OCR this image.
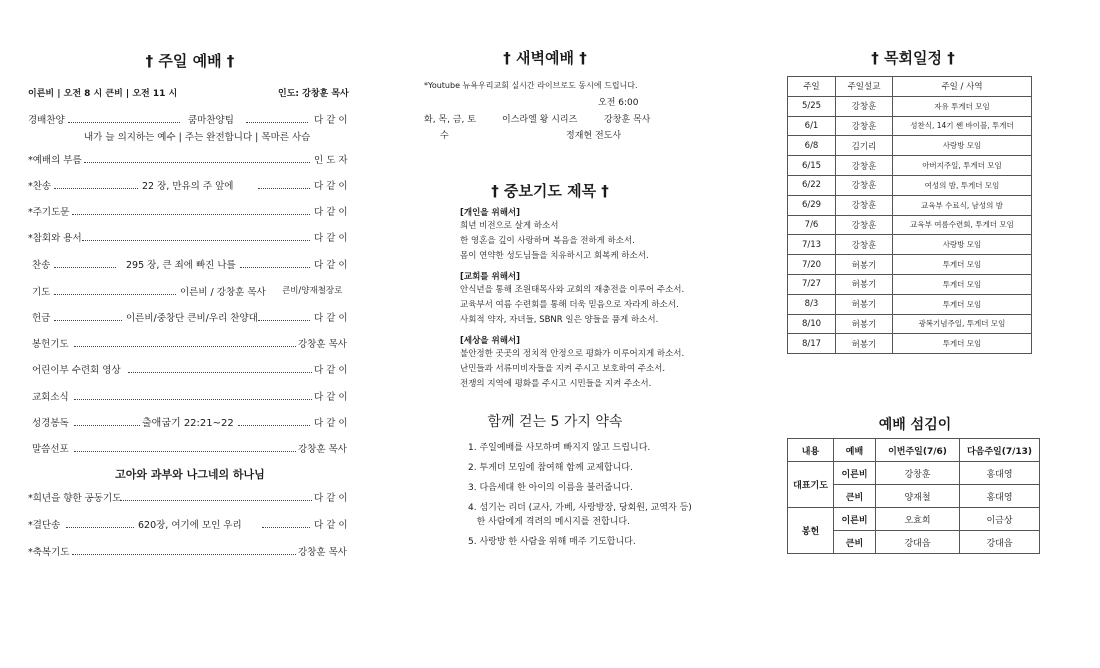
† 주일 예배 †
이른비 | 오전 8 시 큰비 | 오전 11 시	인도: 강창훈 목사
경배찬양	쿰마찬양팀	다 같 이
내가 늘 의지하는 예수 | 주는 완전합니다 | 목마른 사슴
*예배의 부름	인 도 자
*찬송	22 장, 만유의 주 앞에	다 같 이
*주기도문	다 같 이
*참회와 용서	다 같 이
찬송	295 장, 큰 죄에 빠진 나를	다 같 이
기도	이른비 / 강창훈 목사 큰비/양재철장로
헌금	이른비/중창단 큰비/우리 찬양대	다 같 이
봉헌기도	강창훈 목사
어린이부 수련회 영상	다 같 이
교회소식	다 같 이
성경봉독	출애굽기 22:21~22	다 같 이
말씀선포	강창훈 목사
고아와 과부와 나그네의 하나님
*희년을 향한 공동기도	다 같 이
*결단송	620장, 여기에 모인 우리	다 같 이
*축복기도	강창훈 목사
† 새벽예배 †
*Youtube 뉴욕우리교회 실시간 라이브로도 동시에 드립니다.
오전 6:00
화, 목, 금, 토	이스라엘 왕 시리즈	강창훈 목사
수	정재현 전도사
† 중보기도 제목 †
[개인을 위해서]
희년 비전으로 살게 하소서
한 영혼을 깊이 사랑하며 복음을 전하게 하소서.
몸이 연약한 성도님들을 치유하시고 회복케 하소서.
[교회를 위해서]
안식년을 통해 조원태목사와 교회의 재충전을 이루어 주소서.
교육부서 여름 수련회를 통해 더욱 믿음으로 자라게 하소서.
사회적 약자, 자녀들, SBNR 일은 양들을 품게 하소서.
[세상을 위해서]
불안정한 곳곳의 정치적 안정으로 평화가 이루어지게 하소서.
난민들과 서류미비자들을 지켜 주시고 보호하여 주소서.
전쟁의 지역에 평화를 주시고 시민들을 지켜 주소서.
함께 걷는 5 가지 약속
1. 주일예배를 사모하며 빠지지 않고 드립니다.
2. 투게더 모임에 참여해 함께 교제합니다.
3. 다음세대 한 아이의 이름을 불러줍니다.
4. 섬기는 리더 (교사, 가베, 사랑방장, 당회원, 교역자 등)
한 사람에게 격려의 메시지를 전합니다.
5. 사랑방 한 사람을 위해 매주 기도합니다.
† 목회일정 †
주일	주일설교	주일 / 사역
5/25	강창훈	자유 투게더 모임
6/1	강창훈	성찬식, 14기 쎈 바이블, 투게더
6/8	김기리	사랑방 모임
6/15	강창훈	아버지주일, 투게더 모임
6/22	강창훈	여성의 밤, 투게더 모임
6/29	강창훈	교육부 수료식, 남성의 밤
7/6	강창훈	교육부 여름수련회, 투게더 모임
7/13	강창훈	사랑방 모임
7/20	허봉기	투게더 모임
7/27	허봉기	투게더 모임
8/3	허봉기	투게더 모임
8/10	허봉기	광복기념주일, 투게더 모임
8/17	허봉기	투게더 모임
예배 섬김이
내용	예배	이번주일(7/6)	다음주일(7/13)
대표기도	이른비	강창훈	홍대영
	큰비	양재철	홍대영
봉헌	이른비	오효희	이금상
	큰비	강대읍	강대읍
